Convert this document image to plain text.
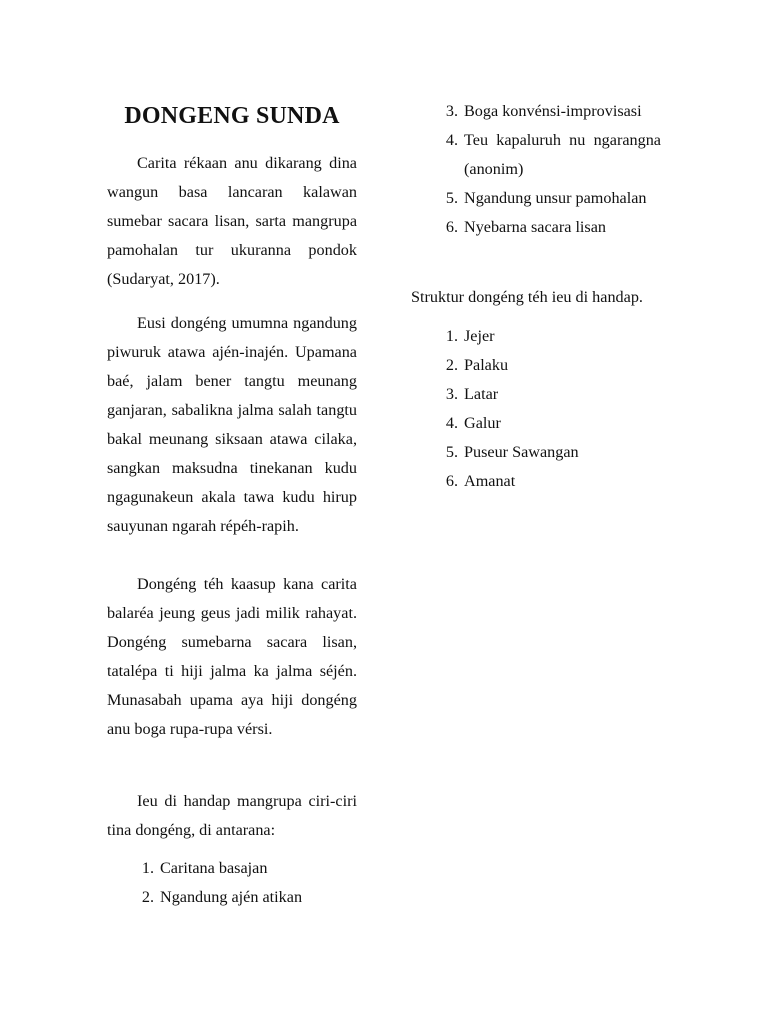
DONGENG SUNDA

Carita rékaan anu dikarang dina wangun basa lancaran kalawan sumebar sacara lisan, sarta mangrupa pamohalan tur ukuranna pondok (Sudaryat, 2017).

Eusi dongéng umumna ngandung piwuruk atawa ajén-inajén. Upamana baé, jalam bener tangtu meunang ganjaran, sabalikna jalma salah tangtu bakal meunang siksaan atawa cilaka, sangkan maksudna tinekanan kudu ngagunakeun akala tawa kudu hirup sauyunan ngarah répéh-rapih.

Dongéng téh kaasup kana carita balaréa jeung geus jadi milik rahayat. Dongéng sumebarna sacara lisan, tatalépa ti hiji jalma ka jalma séjén. Munasabah upama aya hiji dongéng anu boga rupa-rupa vérsi.

Ieu di handap mangrupa ciri-ciri tina dongéng, di antarana:

1. Caritana basajan
2. Ngandung ajén atikan
3. Boga konvénsi-improvisasi
4. Teu kapaluruh nu ngarangna (anonim)
5. Ngandung unsur pamohalan
6. Nyebarna sacara lisan

Struktur dongéng téh ieu di handap.

1. Jejer
2. Palaku
3. Latar
4. Galur
5. Puseur Sawangan
6. Amanat
